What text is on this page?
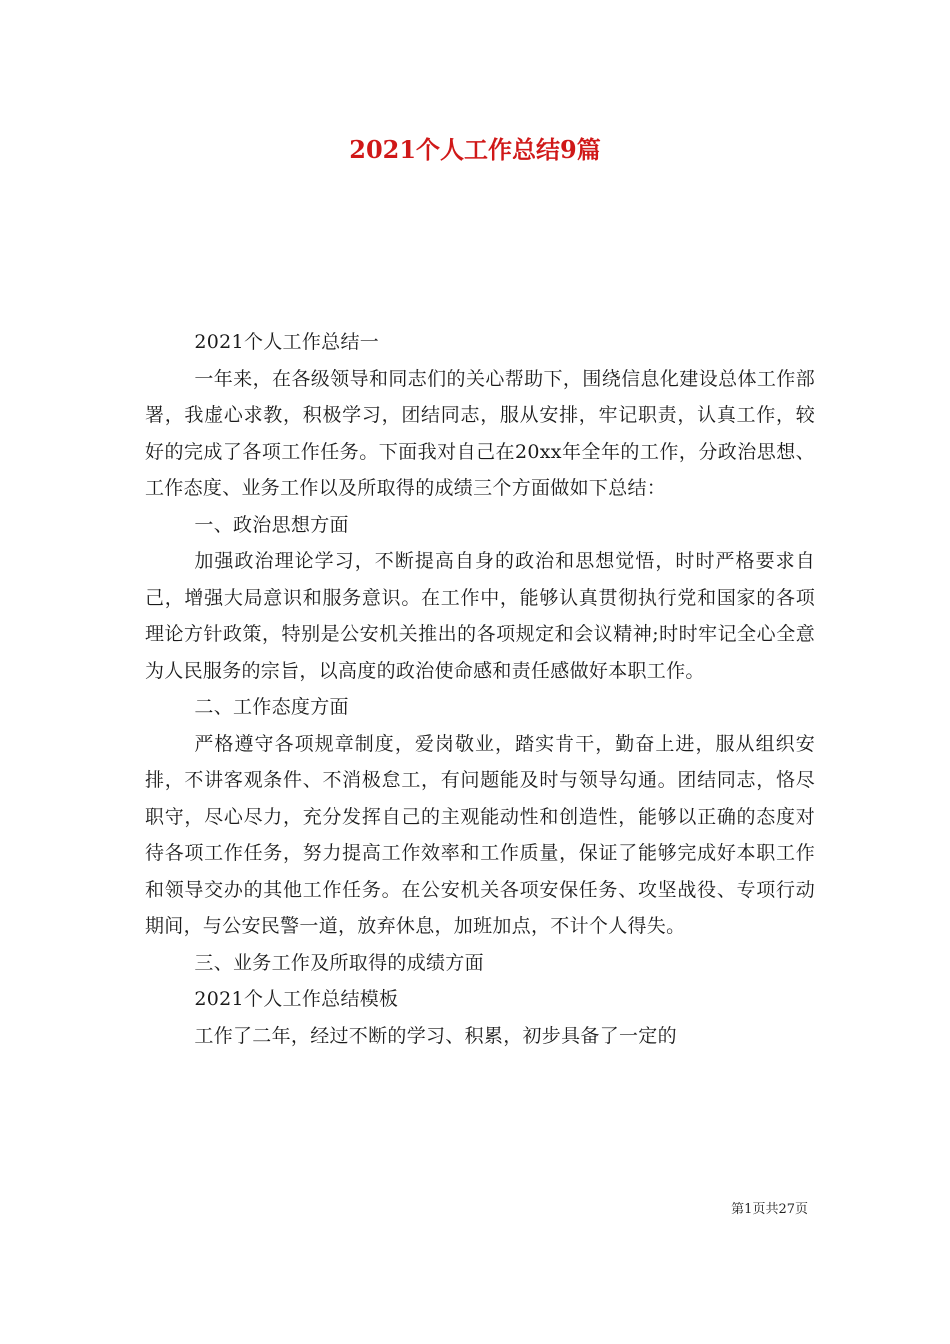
2021个人工作总结9篇

2021个人工作总结一

一年来，在各级领导和同志们的关心帮助下，围绕信息化建设总体工作部署，我虚心求教，积极学习，团结同志，服从安排，牢记职责，认真工作，较好的完成了各项工作任务。下面我对自己在20xx年全年的工作，分政治思想、工作态度、业务工作以及所取得的成绩三个方面做如下总结：

一、政治思想方面

加强政治理论学习，不断提高自身的政治和思想觉悟，时时严格要求自己，增强大局意识和服务意识。在工作中，能够认真贯彻执行党和国家的各项理论方针政策，特别是公安机关推出的各项规定和会议精神;时时牢记全心全意为人民服务的宗旨，以高度的政治使命感和责任感做好本职工作。

二、工作态度方面

严格遵守各项规章制度，爱岗敬业，踏实肯干，勤奋上进，服从组织安排，不讲客观条件、不消极怠工，有问题能及时与领导勾通。团结同志，恪尽职守，尽心尽力，充分发挥自己的主观能动性和创造性，能够以正确的态度对待各项工作任务，努力提高工作效率和工作质量，保证了能够完成好本职工作和领导交办的其他工作任务。在公安机关各项安保任务、攻坚战役、专项行动期间，与公安民警一道，放弃休息，加班加点，不计个人得失。

三、业务工作及所取得的成绩方面

2021个人工作总结模板

工作了二年，经过不断的学习、积累，初步具备了一定的

第1页共27页
